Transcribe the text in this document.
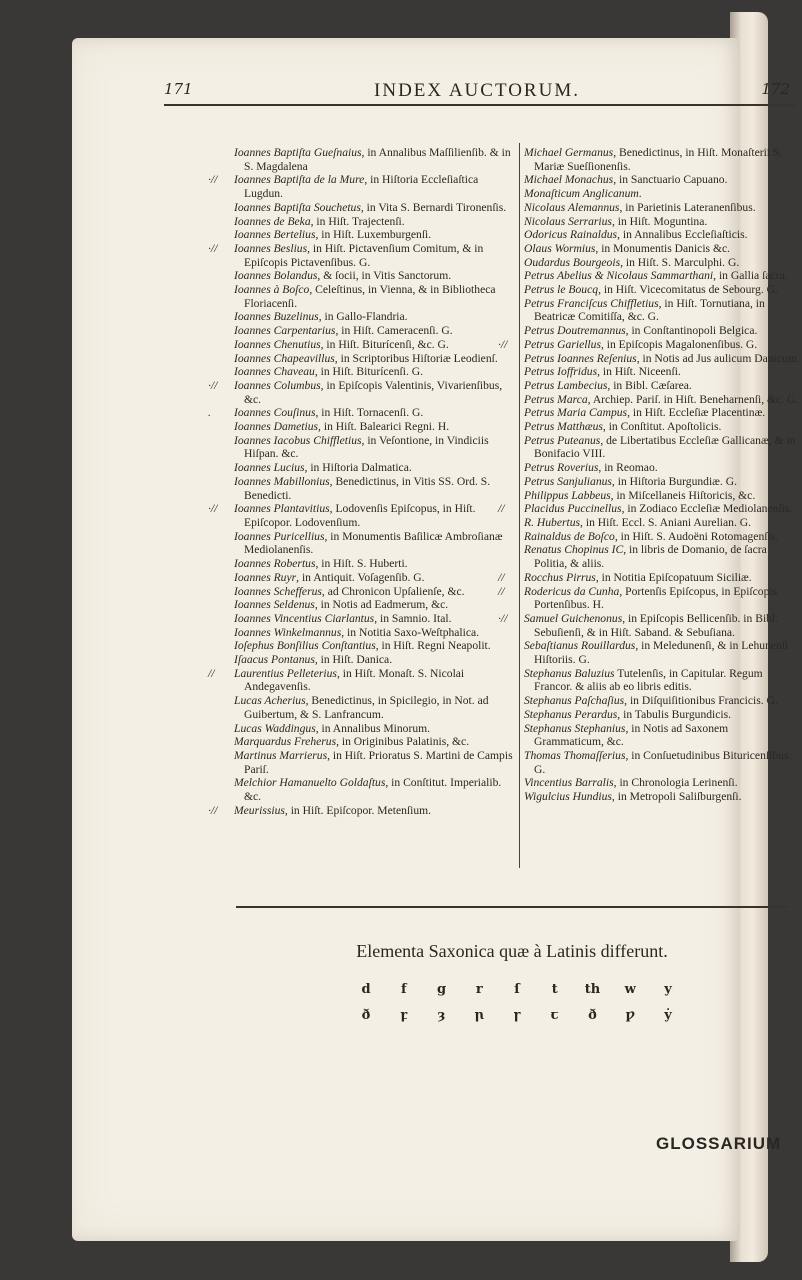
171	INDEX AUCTORUM.	172
Ioannes Baptiſta Gueſnaius, in Annalibus Maſſilienſib. & in S. Magdalena
·// Ioannes Baptiſta de la Mure, in Hiſtoria Eccleſiaſtica Lugdun.
Ioannes Baptiſta Souchetus, in Vita S. Bernardi Tironenſis.
Ioannes de Beka, in Hiſt. Trajectenſi.
Ioannes Bertelius, in Hiſt. Luxemburgenſi.
·// Ioannes Beslius, in Hiſt. Pictavenſium Comitum, & in Epiſcopis Pictavenſibus. G.
Ioannes Bolandus, & ſocii, in Vitis Sanctorum.
Ioannes à Boſco, Celeſtinus, in Vienna, & in Bibliotheca Floriacenſi.
Ioannes Buzelinus, in Gallo-Flandria.
Ioannes Carpentarius, in Hiſt. Cameracenſi. G.
Ioannes Chenutius, in Hiſt. Biturícenſi, &c. G.
Ioannes Chapeavillus, in Scriptoribus Hiſtoriæ Leodienſ.
Ioannes Chaveau, in Hiſt. Biturícenſi. G.
·// Ioannes Columbus, in Epiſcopis Valentinis, Vivarienſibus, &c.
. Ioannes Couſinus, in Hiſt. Tornacenſi. G.
Ioannes Dametius, in Hiſt. Balearici Regni. H.
Ioannes Iacobus Chiffletius, in Veſontione, in Vindiciis Hiſpan. &c.
Ioannes Lucius, in Hiſtoria Dalmatica.
Ioannes Mabillonius, Benedictinus, in Vitis SS. Ord. S. Benedicti.
·// Ioannes Plantavitius, Lodovenſis Epiſcopus, in Hiſt. Epiſcopor. Lodovenſium.
Ioannes Puricellius, in Monumentis Baſilicæ Ambroſianæ Mediolanenſis.
Ioannes Robertus, in Hiſt. S. Huberti.
Ioannes Ruyr, in Antiquit. Voſagenſib. G.
Ioannes Schefferus, ad Chronicon Upſalienſe, &c.
Ioannes Seldenus, in Notis ad Eadmerum, &c.
Ioannes Vincentius Ciarlantus, in Samnio. Ital.
Ioannes Winkelmannus, in Notitia Saxo-Weſtphalica.
Ioſephus Bonſilius Conſtantius, in Hiſt. Regni Neapolit.
Iſaacus Pontanus, in Hiſt. Danica.
// Laurentius Pelleterius, in Hiſt. Monaſt. S. Nicolai Andegavenſis.
Lucas Acherius, Benedictinus, in Spicilegio, in Not. ad Guibertum, & S. Lanfrancum.
Lucas Waddingus, in Annalibus Minorum.
Marquardus Freherus, in Originibus Palatinis, &c.
Martinus Marrierus, in Hiſt. Prioratus S. Martini de Campis Pariſ.
Melchior Hamanuelto Goldaſtus, in Conſtitut. Imperialib. &c.
·// Meurissius, in Hiſt. Epiſcopor. Metenſium.
Michael Germanus, Benedictinus, in Hiſt. Monaſterii S. Mariæ Sueſſionenſis.
Michael Monachus, in Sanctuario Capuano.
Monaſticum Anglicanum.
Nicolaus Alemannus, in Parietinis Lateranenſibus.
Nicolaus Serrarius, in Hiſt. Moguntina.
Odoricus Rainaldus, in Annalibus Eccleſiaſticis.
Olaus Wormius, in Monumentis Danicis &c.
Oudardus Bourgeois, in Hiſt. S. Marculphi. G.
Petrus Abelius & Nicolaus Sammarthani, in Gallia ſacra.
Petrus le Boucq, in Hiſt. Vicecomitatus de Sebourg. G.
Petrus Franciſcus Chiffletius, in Hiſt. Tornutiana, in Beatricæ Comitiſſa, &c. G.
Petrus Doutremannus, in Conſtantinopoli Belgica.
·// Petrus Gariellus, in Epiſcopis Magalonenſibus. G.
Petrus Ioannes Reſenius, in Notis ad Jus aulicum Danicum.
Petrus Ioffridus, in Hiſt. Niceenſi.
Petrus Lambecius, in Bibl. Cæſarea.
Petrus Marca, Archiep. Pariſ. in Hiſt. Beneharnenſi, &c. G.
Petrus Maria Campus, in Hiſt. Eccleſiæ Placentinæ.
Petrus Matthæus, in Conſtitut. Apoſtolicis.
Petrus Puteanus, de Libertatibus Eccleſiæ Gallicanæ, & in Bonifacio VIII.
Petrus Roverius, in Reomao.
Petrus Sanjulianus, in Hiſtoria Burgundiæ. G.
Philippus Labbeus, in Miſcellaneis Hiſtoricis, &c.
// Placidus Puccinellus, in Zodiaco Eccleſiæ Mediolanenſis.
R. Hubertus, in Hiſt. Eccl. S. Aniani Aurelian. G.
Rainaldus de Boſco, in Hiſt. S. Audoëni Rotomagenſis.
Renatus Chopinus IC, in libris de Domanio, de ſacra Politia, & aliis.
// Rocchus Pirrus, in Notitia Epiſcopatuum Siciliæ.
// Rodericus da Cunha, Portenſis Epiſcopus, in Epiſcopis Portenſibus. H.
·// Samuel Guichenonus, in Epiſcopis Bellicenſib. in Bibl. Sebuſienſi, & in Hiſt. Saband. & Sebuſiana.
Sebaſtianus Rouillardus, in Meledunenſi, & in Lehunenſi Hiſtoriis. G.
Stephanus Baluzius Tutelenſis, in Capitular. Regum Francor. & aliis ab eo libris editis.
Stephanus Paſchaſius, in Diſquiſitionibus Francicis. G.
Stephanus Perardus, in Tabulis Burgundicis.
Stephanus Stephanius, in Notis ad Saxonem Grammaticum, &c.
Thomas Thomaſſerius, in Conſuetudinibus Bituricenſibus. G.
Vincentius Barralis, in Chronologia Lerinenſi.
Wigulcius Hundius, in Metropoli Saliſburgenſi.
Elementa Saxonica quæ à Latinis differunt.
d	f	g	r	ſ	t	th	w	y
ð	ꝼ	ȝ	ꞃ	ꞅ	ꞇ	ð	ƿ	ẏ
GLOSSARIUM
